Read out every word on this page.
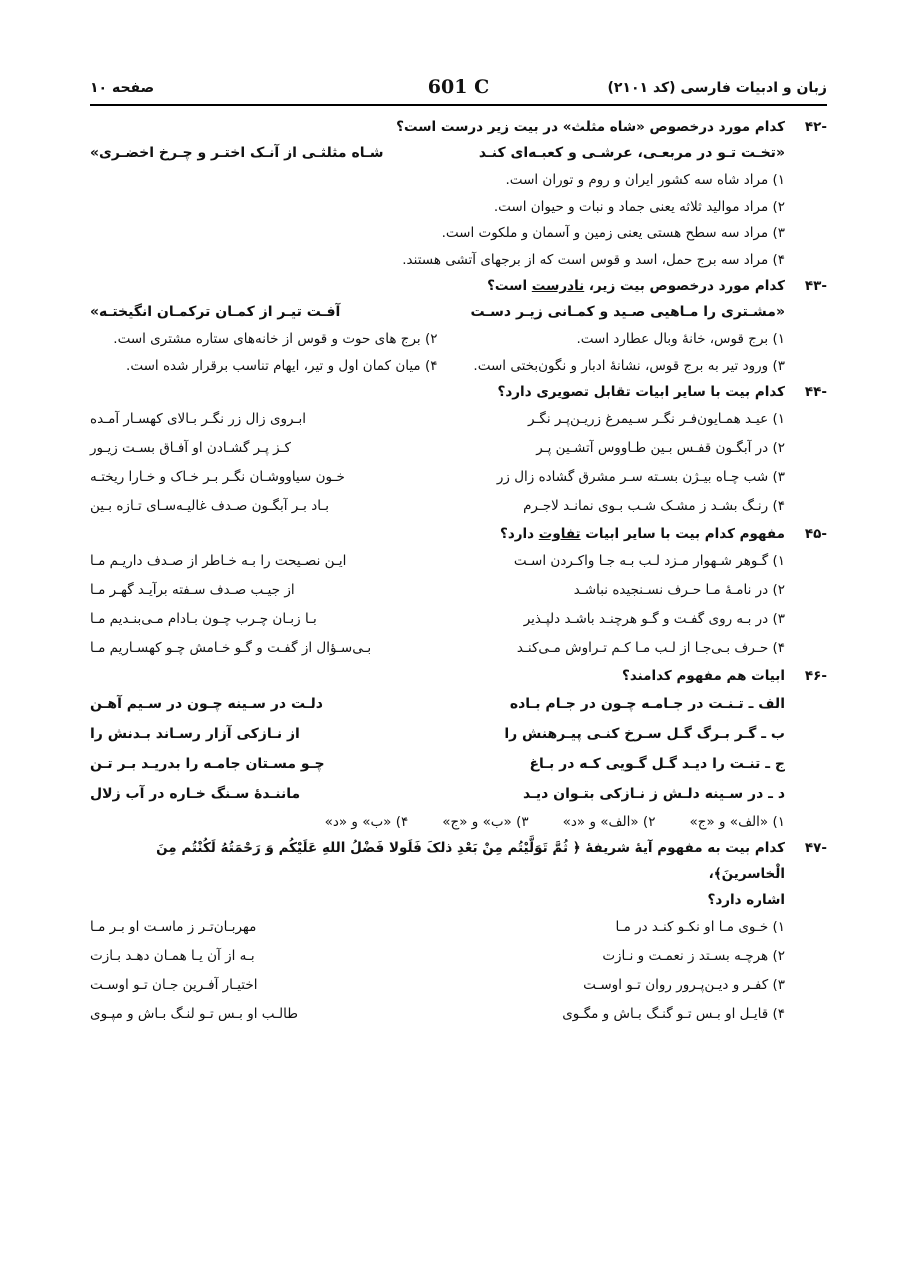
زبان و ادبیات فارسی (کد ۲۱۰۱)
601 C
صفحه ۱۰
-۴۲
کدام مورد درخصوص «شاه مثلث» در بیت زیر درست است؟
«تخـت تـو در مربعـی، عرشـی و کعبـه‌ای کنـد
شـاه مثلثـی از آنـک اختـر و چـرخ اخضـری»
۱) مراد شاه سه کشور ایران و روم و توران است.
۲) مراد موالید ثلاثه یعنی جماد و نبات و حیوان است.
۳) مراد سه سطح هستی یعنی زمین و آسمان و ملکوت است.
۴) مراد سه برج حمل، اسد و قوس است که از برجهای آتشی هستند.
-۴۳
کدام مورد درخصوص بیت زیر، نادرست است؟
«مشـتری را مـاهیی صـید و کمـانی زیـر دسـت
آفـت تیـر از کمـان ترکمـان انگیختـه»
۱) برج قوس، خانهٔ وبال عطارد است.
۲) برج های حوت و قوس از خانه‌های ستاره مشتری است.
۳) ورود تیر به برج قوس، نشانهٔ ادبار و نگون‌بختی است.
۴) میان کمان اول و تیر، ایهام تناسب برقرار شده است.
-۴۴
کدام بیت با سایر ابیات تقابل تصویری دارد؟
۱) عیـد همـایون‌فـر نگـر سـیمرغ زریـن‌پـر نگـر
ابـروی زال زر نگـر بـالای کهسـار آمـده
۲) در آبگـون قفـس بـین طـاووس آتشـین پـر
کـز پـر گشـادن او آفـاق بسـت زیـور
۳) شب چـاه بیـژن بسـته سـر مشرق گشاده زال زر
خـون سیاووشـان نگـر بـر خـاک و خـارا ریختـه
۴) رنـگ بشـد ز مشـک شـب بـوی نمانـد لاجـرم
بـاد بـر آبگـون صـدف غالیـه‌سـای تـازه بـین
-۴۵
مفهوم کدام بیت با سایر ابیات تفاوت دارد؟
۱) گـوهر شـهوار مـزد لـب بـه جـا واکـردن اسـت
ایـن نصـیحت را بـه خـاطر از صـدف داریـم مـا
۲) در نامـهٔ مـا حـرف نسـنجیده نباشـد
از جیـب صـدف سـفته برآیـد گهـر مـا
۳) در بـه روی گفـت و گـو هرچنـد باشـد دلپـذیر
بـا زبـان چـرب چـون بـادام مـی‌بنـدیم مـا
۴) حـرف بـی‌جـا از لـب مـا کـم تـراوش مـی‌کنـد
بـی‌سـؤال از گفـت و گـو خـامش چـو کهسـاریم مـا
-۴۶
ابیات هم مفهوم کدامند؟
الف ـ تـنـت در جـامـه چـون در جـام بـاده
دلـت در سـینه چـون در سـیم آهـن
ب ـ گـر بـرگ گـل سـرخ کنـی پیـرهنش را
از نـازکی آزار رسـاند بـدنش را
ج ـ تنـت را دیـد گـل گـویی کـه در بـاغ
چـو مسـتان جامـه را بدریـد بـر تـن
د ـ در سـینه دلـش ز نـازکی بتـوان دیـد
ماننـدهٔ سـنگ خـاره در آب زلال
۱) «الف» و «ج»
۲) «الف» و «د»
۳) «ب» و «ج»
۴) «ب» و «د»
-۴۷
کدام بیت به مفهوم آیهٔ شریفهٔ ﴿ ثُمَّ تَوَلَّیْتُم مِنْ بَعْدِ ذلکَ فَلَولا فَضْلُ اللهِ عَلَیْکُم وَ رَحْمَتُهُ لَکُنْتُم مِنَ الْخاسرینَ﴾،
اشاره دارد؟
۱) خـوی مـا او نکـو کنـد در مـا
مهربـان‌تـر ز ماسـت او بـر مـا
۲) هرچـه بسـتد ز نعمـت و نـازت
بـه از آن یـا همـان دهـد بـازت
۳) کفـر و دیـن‌پـرور روان تـو اوسـت
اختیـار آفـرین جـان تـو اوسـت
۴) قایـل او بـس تـو گنـگ بـاش و مگـوی
طالـب او بـس تـو لنـگ بـاش و مپـوی
